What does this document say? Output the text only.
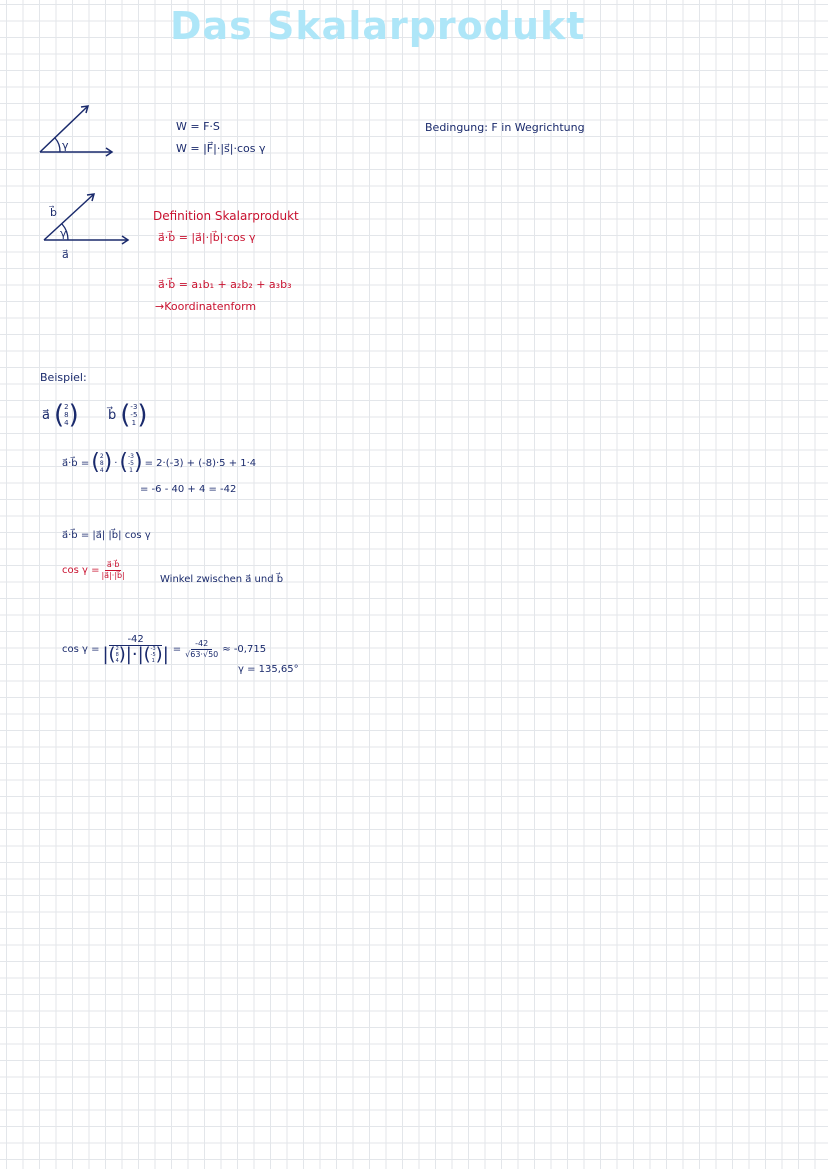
Das Skalarprodukt
γ
γ
b⃗
a⃗
W = F·S
W = |F⃗|·|s⃗|·cos γ
Bedingung: F in Wegrichtung
Definition Skalarprodukt
a⃗·b⃗ = |a⃗|·|b⃗|·cos γ
a⃗·b⃗ = a₁b₁ + a₂b₂ + a₃b₃
→Koordinatenform
Beispiel:
a⃗ ( 2
8
4 ) b⃗ ( -3
-5
1 )
a⃗·b⃗ = ( 2
8
4 ) · ( -3
-5
1 ) = 2·(-3) + (-8)·5 + 1·4
= -6 - 40 + 4 = -42
a⃗·b⃗ = |a⃗| |b⃗| cos γ
$\cos \gamma = \frac{a⃗\cdot b⃗}{|a⃗|\cdot|b⃗|}$	Winkel zwischen a⃗ und b⃗
cos γ =
-42
|( 2
8
4 )| ·|( -3
-5
1 )| = $\frac{-42}{√63\cdot√50} \approx -0,715$
γ = 135,65°
